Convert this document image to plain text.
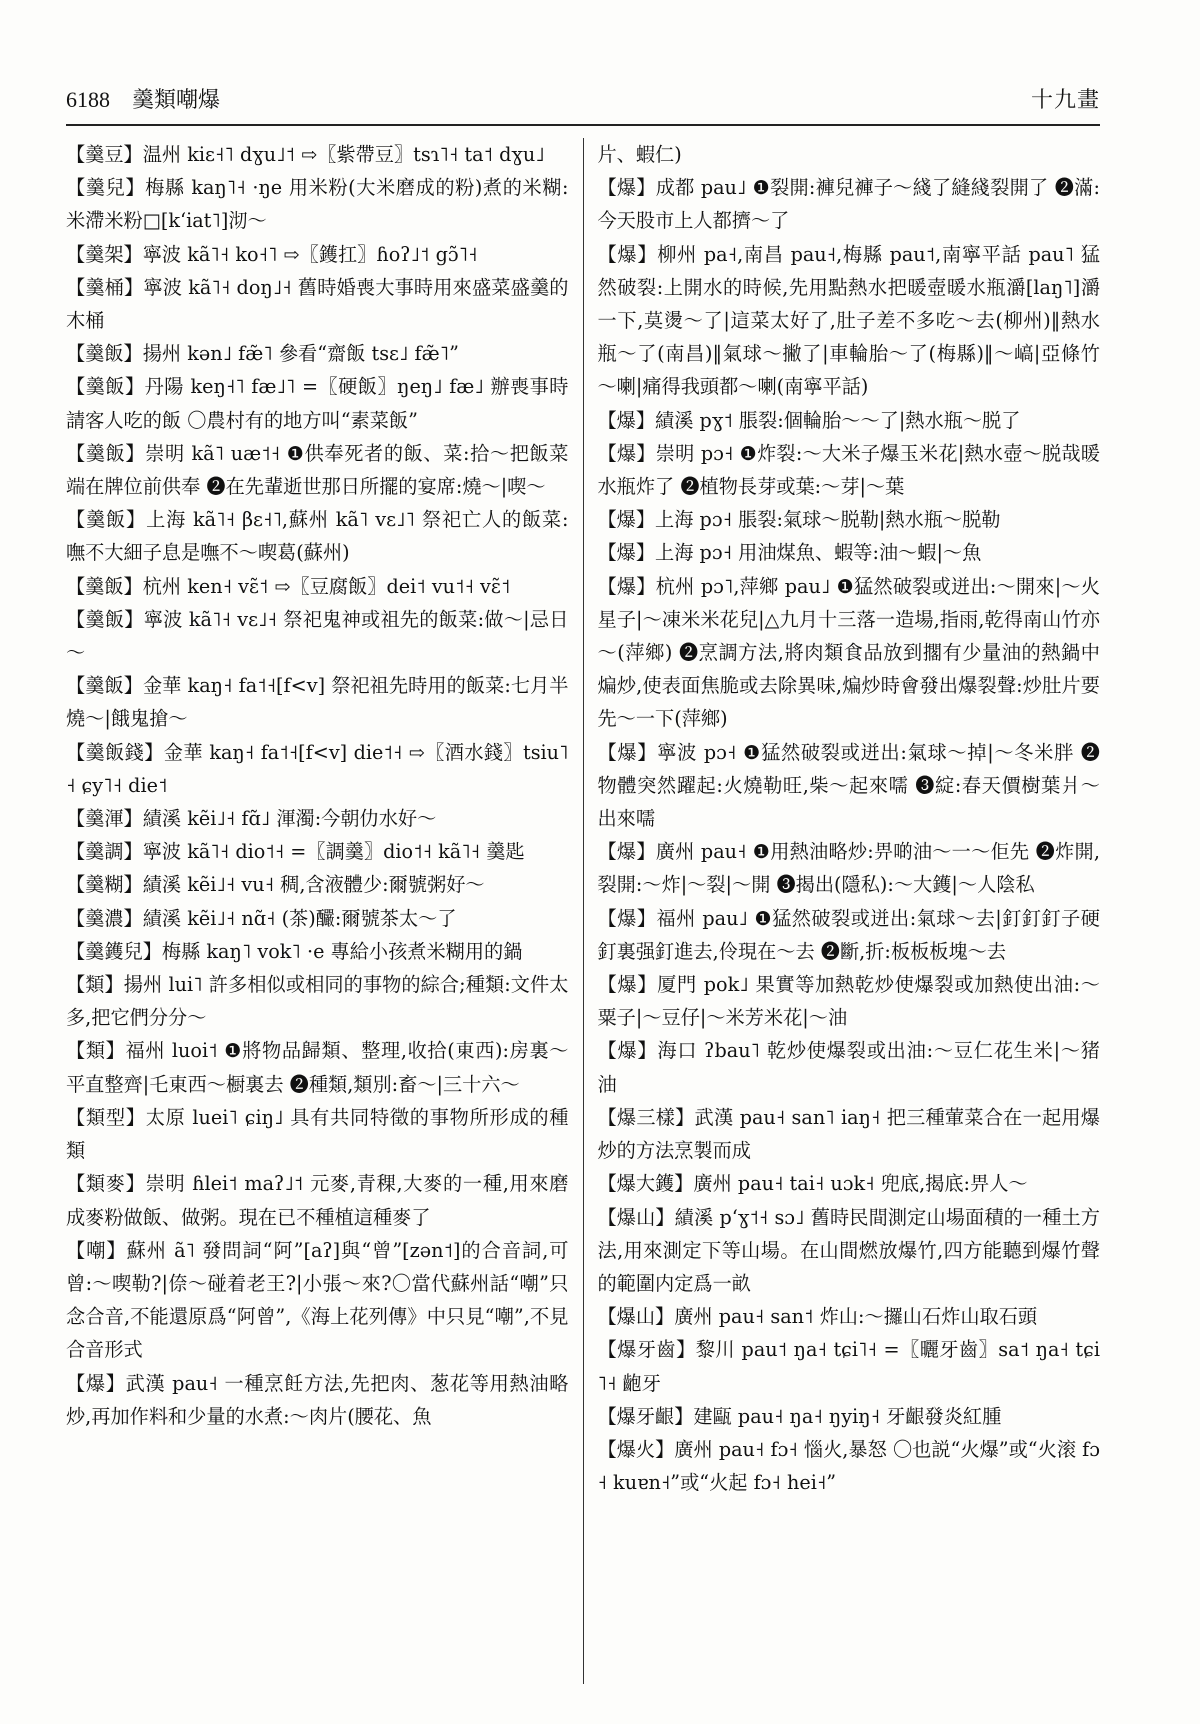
6188 羹類嘲爆	十九畫

【羹豆】温州 kiɛ˧˥ dɣu˩˦ ⇨〖紫帶豆〗tsɿ˥˧ ta˦ dɣu˩

【羹兒】梅縣 kaŋ˥˧ ·ŋe 用米粉(大米磨成的粉)煮的米糊:米滯米粉□[kʻiat˥]沏～

【羹架】寧波 kã˥˧ ko˧˥ ⇨〖鑊扛〗ɦoʔ˩˦ gɔ̃˥˧

【羹桶】寧波 kã˥˧ doŋ˩˧ 舊時婚喪大事時用來盛菜盛羹的木桶

【羹飯】揚州 kən˩ fæ̃˥ 參看“齋飯 tsɛ˩ fæ̃˥”

【羹飯】丹陽 keŋ˧˥ fæ˩˥ =〖硬飯〗ŋeŋ˩ fæ˩ 辦喪事時請客人吃的飯 〇農村有的地方叫“素菜飯”

【羹飯】崇明 kã˥ uæ˦˧ ❶供奉死者的飯、菜:拾～把飯菜端在牌位前供奉 ❷在先輩逝世那日所擺的宴席:燒～|喫～

【羹飯】上海 kã˥˧ βɛ˧˥,蘇州 kã˥ vɛ˩˥ 祭祀亡人的飯菜:嘸不大細子息是嘸不～喫葛(蘇州)

【羹飯】杭州 ken˧ vɛ̃˦ ⇨〖豆腐飯〗dei˦ vu˦˧ vɛ̃˦

【羹飯】寧波 kã˥˧ vɛ˩˧ 祭祀鬼神或祖先的飯菜:做～|忌日～

【羹飯】金華 kaŋ˧ fa˦˧[f<v] 祭祀祖先時用的飯菜:七月半燒～|餓鬼搶～

【羹飯錢】金華 kaŋ˧ fa˦˧[f<v] die˦˧ ⇨〖酒水錢〗tsiu˥˧ ɕy˥˧ die˦

【羹渾】績溪 kẽi˩˧ fɑ̃˩ 渾濁:今朝仂水好～

【羹調】寧波 kã˥˧ dio˦˧ =〖調羹〗dio˦˧ kã˥˧ 羹匙

【羹糊】績溪 kẽi˩˧ vu˧ 稠,含液體少:爾號粥好～

【羹濃】績溪 kẽi˩˧ nɑ̃˧ (茶)釅:爾號茶太～了

【羹鑊兒】梅縣 kaŋ˥ vok˥ ·e 專給小孩煮米糊用的鍋

【類】揚州 lui˥ 許多相似或相同的事物的綜合;種類:文件太多,把它們分分～

【類】福州 luoi˦ ❶將物品歸類、整理,收拾(東西):房裏～平直整齊|乇東西～橱裏去 ❷種類,類別:畜～|三十六～

【類型】太原 luei˥ ɕiŋ˩ 具有共同特徵的事物所形成的種類

【類麥】崇明 ɦlei˦ maʔ˩˦ 元麥,青稞,大麥的一種,用來磨成麥粉做飯、做粥。現在已不種植這種麥了

【嘲】蘇州 ã˥ 發問詞“阿”[aʔ]與“曾”[zən˦]的合音詞,可曾:～喫勒?|倷～碰着老王?|小張～來?〇當代蘇州話“嘲”只念合音,不能還原爲“阿曾”,《海上花列傳》中只見“嘲”,不見合音形式

【爆】武漢 pau˧ 一種烹飪方法,先把肉、葱花等用熱油略炒,再加作料和少量的水煮:～肉片(腰花、魚

片、蝦仁)

【爆】成都 pau˩ ❶裂開:褲兒褲子～綫了縫綫裂開了 ❷滿:今天股市上人都擠～了

【爆】柳州 pa˧,南昌 pau˧,梅縣 pau˦,南寧平話 pau˥ 猛然破裂:上開水的時候,先用點熱水把暖壺暖水瓶灂[laŋ˥]灂一下,莫燙～了|這菜太好了,肚子差不多吃～去(柳州)‖熱水瓶～了(南昌)‖氣球～撇了|車輪胎～了(梅縣)‖～嵪|亞條竹～喇|痛得我頭都～喇(南寧平話)

【爆】績溪 pɣ˦ 脹裂:個輪胎～～了|熱水瓶～脱了

【爆】崇明 pɔ˧ ❶炸裂:～大米子爆玉米花|熱水壺～脱哉暖水瓶炸了 ❷植物長芽或葉:～芽|～葉

【爆】上海 pɔ˧ 脹裂:氣球～脱勒|熱水瓶～脱勒

【爆】上海 pɔ˧ 用油煤魚、蝦等:油～蝦|～魚

【爆】杭州 pɔ˥,萍鄉 pau˩ ❶猛然破裂或迸出:～開來|～火星子|～凍米米花兒|△九月十三落一造場,指雨,乾得南山竹亦～(萍鄉) ❷烹調方法,將肉類食品放到擱有少量油的熱鍋中煸炒,使表面焦脆或去除異味,煸炒時會發出爆裂聲:炒肚片要先～一下(萍鄉)

【爆】寧波 pɔ˧ ❶猛然破裂或迸出:氣球～掉|～冬米胖 ❷物體突然躍起:火燒勒旺,柴～起來嚅 ❸綻:春天價樹葉爿～出來嚅

【爆】廣州 pau˧ ❶用熱油略炒:畀啲油～一～佢先 ❷炸開,裂開:～炸|～裂|～開 ❸揭出(隱私):～大鑊|～人陰私

【爆】福州 pau˩ ❶猛然破裂或迸出:氣球～去|釘釘釘子硬釘裏强釘進去,伶現在～去 ❷斷,折:板板板塊～去

【爆】厦門 pok˩ 果實等加熱乾炒使爆裂或加熱使出油:～粟子|～豆仔|～米芳米花|～油

【爆】海口 ʔbau˥ 乾炒使爆裂或出油:～豆仁花生米|～猪油

【爆三樣】武漢 pau˧ san˥ iaŋ˧ 把三種葷菜合在一起用爆炒的方法烹製而成

【爆大鑊】廣州 pau˧ tai˧ uɔk˧ 兜底,揭底:畀人～

【爆山】績溪 pʻɣ˦˧ sɔ˩ 舊時民間測定山場面積的一種土方法,用來測定下等山場。在山間燃放爆竹,四方能聽到爆竹聲的範圍内定爲一畝

【爆山】廣州 pau˧ san˦ 炸山:～攞山石炸山取石頭

【爆牙齒】黎川 pau˦ ŋa˧ tɕi˥˧ =〖曬牙齒〗sa˦ ŋa˧ tɕi˥˧ 齙牙

【爆牙齦】建甌 pau˧ ŋa˧ ŋyiŋ˧ 牙齦發炎紅腫

【爆火】廣州 pau˧ fɔ˧ 惱火,暴怒 〇也説“火爆”或“火滚 fɔ˧ kuɐn˧”或“火起 fɔ˧ hei˧”
